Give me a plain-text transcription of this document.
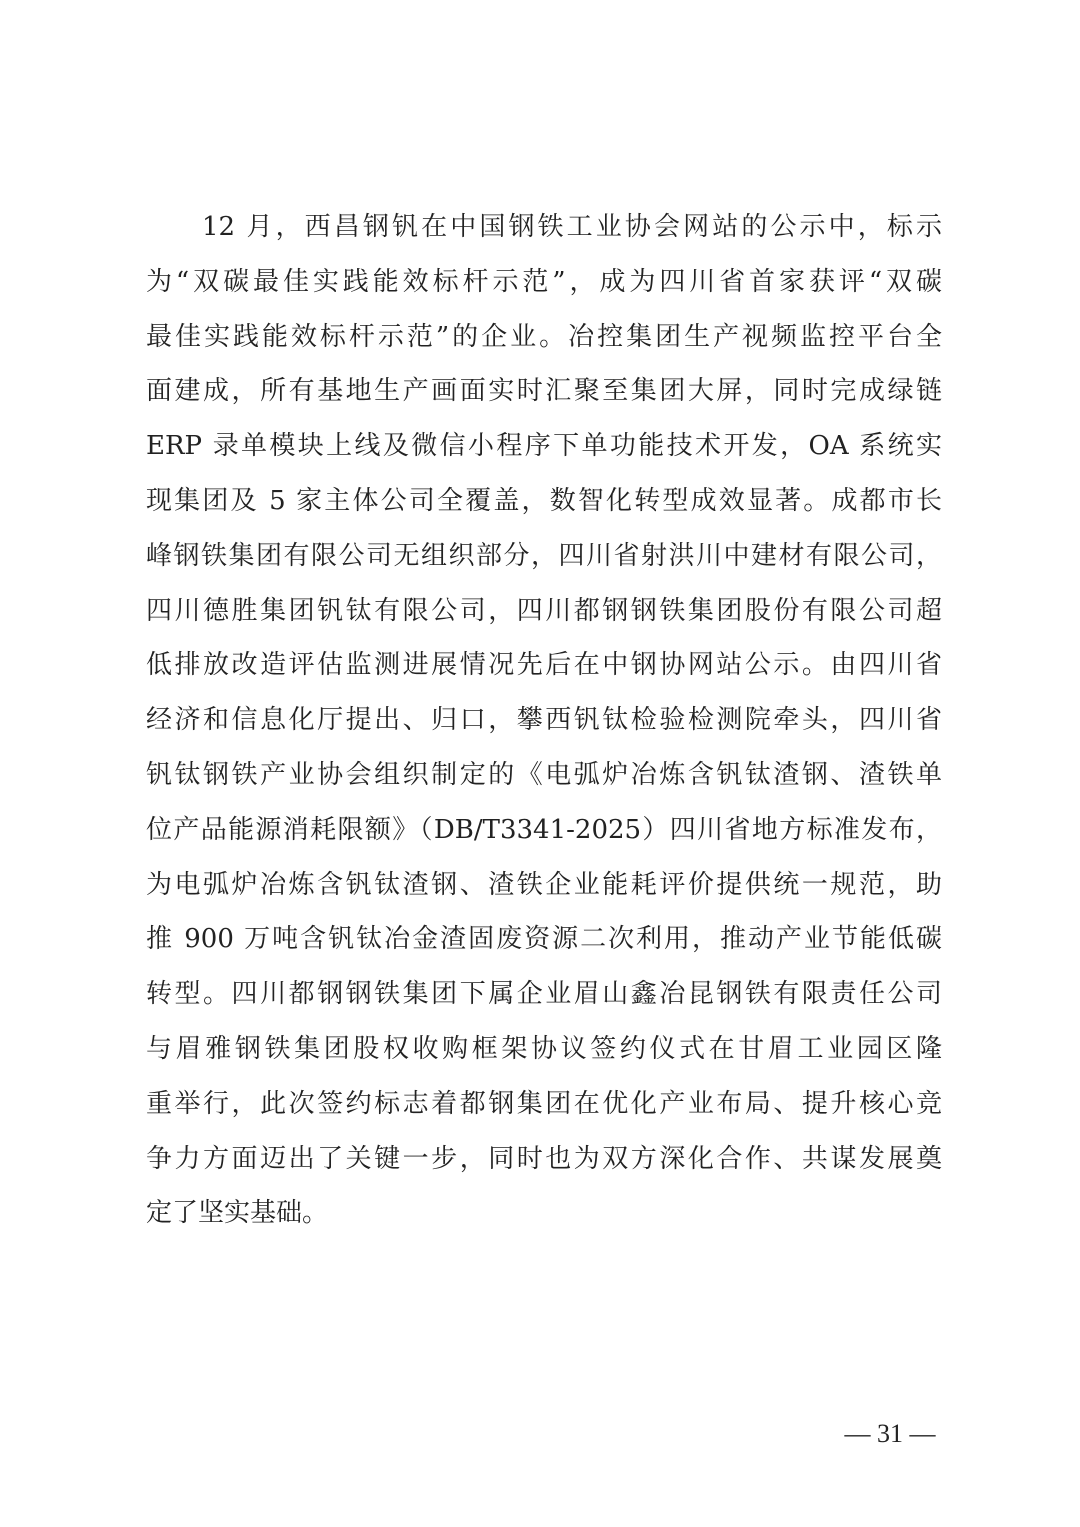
12 月，西昌钢钒在中国钢铁工业协会网站的公示中，标示
为“双碳最佳实践能效标杆示范”，成为四川省首家获评“双碳
最佳实践能效标杆示范”的企业。冶控集团生产视频监控平台全
面建成，所有基地生产画面实时汇聚至集团大屏，同时完成绿链
ERP 录单模块上线及微信小程序下单功能技术开发，OA 系统实
现集团及 5 家主体公司全覆盖，数智化转型成效显著。成都市长
峰钢铁集团有限公司无组织部分，四川省射洪川中建材有限公司，
四川德胜集团钒钛有限公司，四川都钢钢铁集团股份有限公司超
低排放改造评估监测进展情况先后在中钢协网站公示。由四川省
经济和信息化厅提出、归口，攀西钒钛检验检测院牵头，四川省
钒钛钢铁产业协会组织制定的《电弧炉冶炼含钒钛渣钢、渣铁单
位产品能源消耗限额》（DB/T3341-2025）四川省地方标准发布，
为电弧炉冶炼含钒钛渣钢、渣铁企业能耗评价提供统一规范，助
推 900 万吨含钒钛冶金渣固废资源二次利用，推动产业节能低碳
转型。四川都钢钢铁集团下属企业眉山鑫冶昆钢铁有限责任公司
与眉雅钢铁集团股权收购框架协议签约仪式在甘眉工业园区隆
重举行，此次签约标志着都钢集团在优化产业布局、提升核心竞
争力方面迈出了关键一步，同时也为双方深化合作、共谋发展奠
定了坚实基础。
— 31 —
